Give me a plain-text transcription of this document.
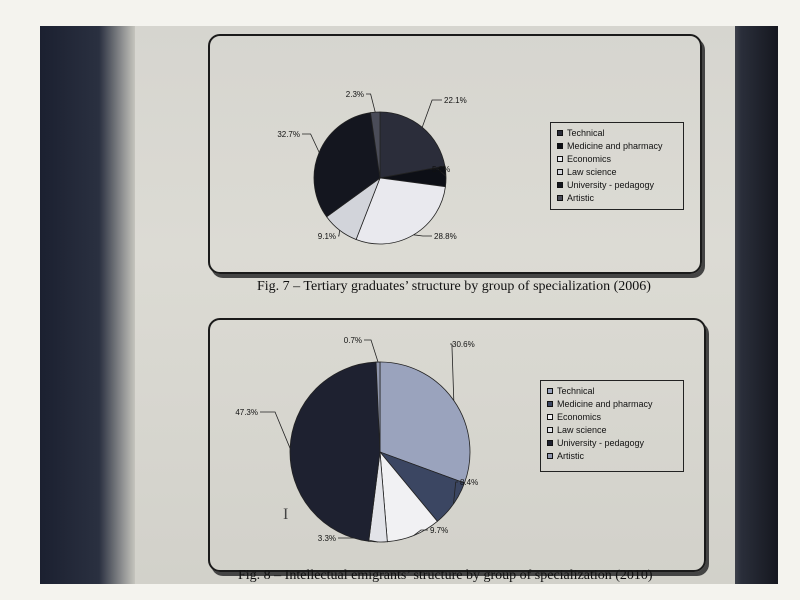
22.1%
5.0%
28.8%
9.1%
32.7%
2.3%
Technical
Medicine and pharmacy
Economics
Law science
University - pedagogy
Artistic
Fig. 7 – Tertiary graduates’ structure by group of specialization (2006)
30.6%
8.4%
9.7%
3.3%
47.3%
0.7%
Technical
Medicine and pharmacy
Economics
Law science
University - pedagogy
Artistic
Fig. 8 – Intellectual emigrants’ structure by group of specialization (2010)
I
